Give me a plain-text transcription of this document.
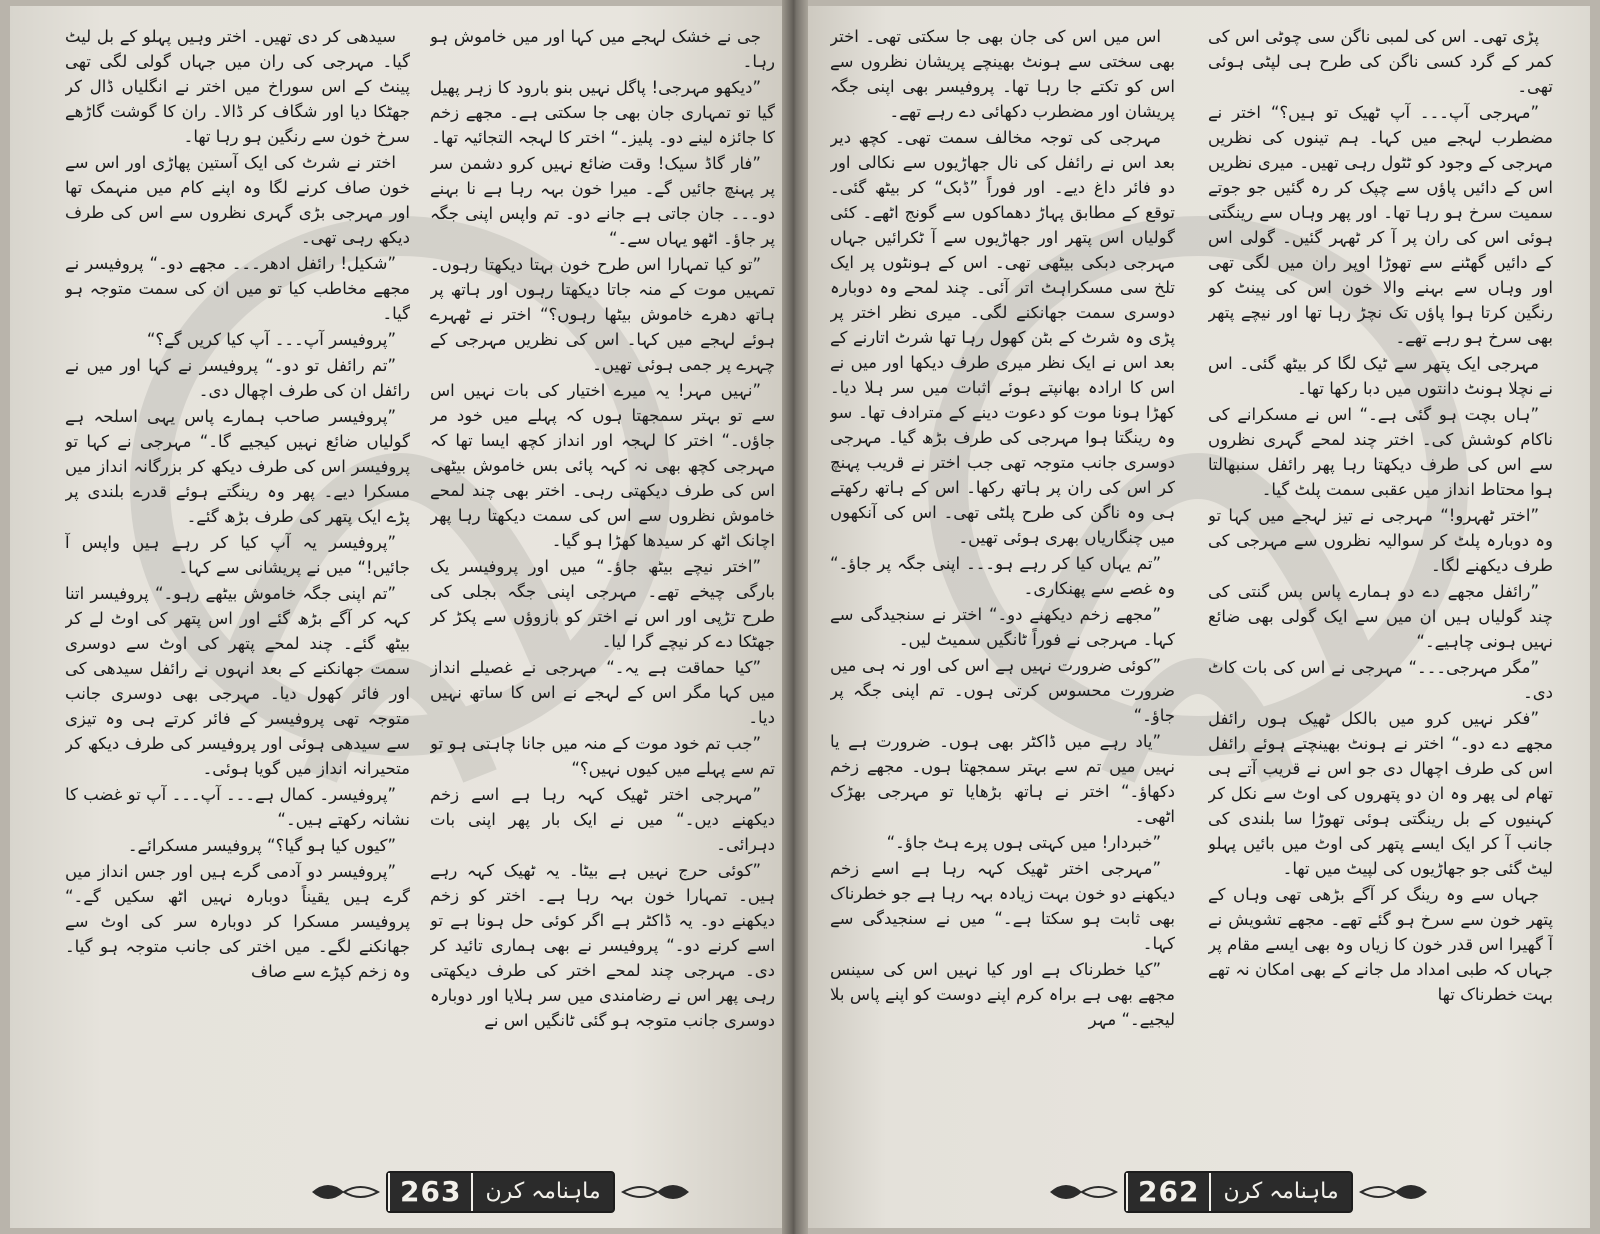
جی نے خشک لہجے میں کہا اور میں خاموش ہو رہا۔

”دیکھو مہرجی! پاگل نہیں بنو بارود کا زہر پھیل گیا تو تمہاری جان بھی جا سکتی ہے۔ مجھے زخم کا جائزہ لینے دو۔ پلیز۔“ اختر کا لہجہ التجائیہ تھا۔

”فار گاڈ سیک! وقت ضائع نہیں کرو دشمن سر پر پہنچ جائیں گے۔ میرا خون بہہ رہا ہے نا بہنے دو۔۔۔ جان جاتی ہے جانے دو۔ تم واپس اپنی جگہ پر جاؤ۔ اٹھو یہاں سے۔“

”تو کیا تمہارا اس طرح خون بہتا دیکھتا رہوں۔ تمہیں موت کے منہ جاتا دیکھتا رہوں اور ہاتھ پر ہاتھ دھرے خاموش بیٹھا رہوں؟“ اختر نے ٹھہرے ہوئے لہجے میں کہا۔ اس کی نظریں مہرجی کے چہرے پر جمی ہوئی تھیں۔

”نہیں مہر! یہ میرے اختیار کی بات نہیں اس سے تو بہتر سمجھتا ہوں کہ پہلے میں خود مر جاؤں۔“ اختر کا لہجہ اور انداز کچھ ایسا تھا کہ مہرجی کچھ بھی نہ کہہ پائی بس خاموش بیٹھی اس کی طرف دیکھتی رہی۔ اختر بھی چند لمحے خاموش نظروں سے اس کی سمت دیکھتا رہا پھر اچانک اٹھ کر سیدھا کھڑا ہو گیا۔

”اختر نیچے بیٹھ جاؤ۔“ میں اور پروفیسر یک بارگی چیخے تھے۔ مہرجی اپنی جگہ بجلی کی طرح تڑپی اور اس نے اختر کو بازوؤں سے پکڑ کر جھٹکا دے کر نیچے گرا لیا۔

”کیا حماقت ہے یہ۔“ مہرجی نے غصیلے انداز میں کہا مگر اس کے لہجے نے اس کا ساتھ نہیں دیا۔

”جب تم خود موت کے منہ میں جانا چاہتی ہو تو تم سے پہلے میں کیوں نہیں؟“

”مہرجی اختر ٹھیک کہہ رہا ہے اسے زخم دیکھنے دیں۔“ میں نے ایک بار پھر اپنی بات دہرائی۔

”کوئی حرج نہیں ہے بیٹا۔ یہ ٹھیک کہہ رہے ہیں۔ تمہارا خون بہہ رہا ہے۔ اختر کو زخم دیکھنے دو۔ یہ ڈاکٹر ہے اگر کوئی حل ہونا ہے تو اسے کرنے دو۔“ پروفیسر نے بھی ہماری تائید کر دی۔ مہرجی چند لمحے اختر کی طرف دیکھتی رہی پھر اس نے رضامندی میں سر ہلایا اور دوبارہ دوسری جانب متوجہ ہو گئی ٹانگیں اس نے

سیدھی کر دی تھیں۔ اختر وہیں پہلو کے بل لیٹ گیا۔ مہرجی کی ران میں جہاں گولی لگی تھی پینٹ کے اس سوراخ میں اختر نے انگلیاں ڈال کر جھٹکا دیا اور شگاف کر ڈالا۔ ران کا گوشت گاڑھے سرخ خون سے رنگین ہو رہا تھا۔

اختر نے شرٹ کی ایک آستین پھاڑی اور اس سے خون صاف کرنے لگا وہ اپنے کام میں منہمک تھا اور مہرجی بڑی گہری نظروں سے اس کی طرف دیکھ رہی تھی۔

”شکیل! رائفل ادھر۔۔۔ مجھے دو۔“ پروفیسر نے مجھے مخاطب کیا تو میں ان کی سمت متوجہ ہو گیا۔

”پروفیسر آپ۔۔۔ آپ کیا کریں گے؟“

”تم رائفل تو دو۔“ پروفیسر نے کہا اور میں نے رائفل ان کی طرف اچھال دی۔

”پروفیسر صاحب ہمارے پاس یہی اسلحہ ہے گولیاں ضائع نہیں کیجیے گا۔“ مہرجی نے کہا تو پروفیسر اس کی طرف دیکھ کر بزرگانہ انداز میں مسکرا دیے۔ پھر وہ رینگتے ہوئے قدرے بلندی پر پڑے ایک پتھر کی طرف بڑھ گئے۔

”پروفیسر یہ آپ کیا کر رہے ہیں واپس آ جائیں!“ میں نے پریشانی سے کہا۔

”تم اپنی جگہ خاموش بیٹھے رہو۔“ پروفیسر اتنا کہہ کر آگے بڑھ گئے اور اس پتھر کی اوٹ لے کر بیٹھ گئے۔ چند لمحے پتھر کی اوٹ سے دوسری سمت جھانکنے کے بعد انہوں نے رائفل سیدھی کی اور فائر کھول دیا۔ مہرجی بھی دوسری جانب متوجہ تھی پروفیسر کے فائر کرتے ہی وہ تیزی سے سیدھی ہوئی اور پروفیسر کی طرف دیکھ کر متحیرانہ انداز میں گویا ہوئی۔

”پروفیسر۔ کمال ہے۔۔۔ آپ۔۔۔ آپ تو غضب کا نشانہ رکھتے ہیں۔“

”کیوں کیا ہو گیا؟“ پروفیسر مسکرائے۔

”پروفیسر دو آدمی گرے ہیں اور جس انداز میں گرے ہیں یقیناً دوبارہ نہیں اٹھ سکیں گے۔“ پروفیسر مسکرا کر دوبارہ سر کی اوٹ سے جھانکنے لگے۔ میں اختر کی جانب متوجہ ہو گیا۔ وہ زخم کپڑے سے صاف

263	ماہنامہ کرن

پڑی تھی۔ اس کی لمبی ناگن سی چوٹی اس کی کمر کے گرد کسی ناگن کی طرح ہی لپٹی ہوئی تھی۔

”مہرجی آپ۔۔۔ آپ ٹھیک تو ہیں؟“ اختر نے مضطرب لہجے میں کہا۔ ہم تینوں کی نظریں مہرجی کے وجود کو ٹٹول رہی تھیں۔ میری نظریں اس کے دائیں پاؤں سے چپک کر رہ گئیں جو جوتے سمیت سرخ ہو رہا تھا۔ اور پھر وہاں سے رینگتی ہوئی اس کی ران پر آ کر ٹھہر گئیں۔ گولی اس کے دائیں گھٹنے سے تھوڑا اوپر ران میں لگی تھی اور وہاں سے بہنے والا خون اس کی پینٹ کو رنگین کرتا ہوا پاؤں تک نچڑ رہا تھا اور نیچے پتھر بھی سرخ ہو رہے تھے۔

مہرجی ایک پتھر سے ٹیک لگا کر بیٹھ گئی۔ اس نے نچلا ہونٹ دانتوں میں دبا رکھا تھا۔

”ہاں بچت ہو گئی ہے۔“ اس نے مسکرانے کی ناکام کوشش کی۔ اختر چند لمحے گہری نظروں سے اس کی طرف دیکھتا رہا پھر رائفل سنبھالتا ہوا محتاط انداز میں عقبی سمت پلٹ گیا۔

”اختر ٹھہرو!“ مہرجی نے تیز لہجے میں کہا تو وہ دوبارہ پلٹ کر سوالیہ نظروں سے مہرجی کی طرف دیکھنے لگا۔

”رائفل مجھے دے دو ہمارے پاس بس گنتی کی چند گولیاں ہیں ان میں سے ایک گولی بھی ضائع نہیں ہونی چاہیے۔“

”مگر مہرجی۔۔۔“ مہرجی نے اس کی بات کاٹ دی۔

”فکر نہیں کرو میں بالکل ٹھیک ہوں رائفل مجھے دے دو۔“ اختر نے ہونٹ بھینچتے ہوئے رائفل اس کی طرف اچھال دی جو اس نے قریب آتے ہی تھام لی پھر وہ ان دو پتھروں کی اوٹ سے نکل کر کہنیوں کے بل رینگتی ہوئی تھوڑا سا بلندی کی جانب آ کر ایک ایسے پتھر کی اوٹ میں بائیں پہلو لیٹ گئی جو جھاڑیوں کی لپیٹ میں تھا۔

جہاں سے وہ رینگ کر آگے بڑھی تھی وہاں کے پتھر خون سے سرخ ہو گئے تھے۔ مجھے تشویش نے آ گھیرا اس قدر خون کا زیاں وہ بھی ایسے مقام پر جہاں کہ طبی امداد مل جانے کے بھی امکان نہ تھے بہت خطرناک تھا

اس میں اس کی جان بھی جا سکتی تھی۔ اختر بھی سختی سے ہونٹ بھینچے پریشان نظروں سے اس کو تکتے جا رہا تھا۔ پروفیسر بھی اپنی جگہ پریشان اور مضطرب دکھائی دے رہے تھے۔

مہرجی کی توجہ مخالف سمت تھی۔ کچھ دیر بعد اس نے رائفل کی نال جھاڑیوں سے نکالی اور دو فائر داغ دیے۔ اور فوراً ”ڈبک“ کر بیٹھ گئی۔ توقع کے مطابق پہاڑ دھماکوں سے گونج اٹھے۔ کئی گولیاں اس پتھر اور جھاڑیوں سے آ ٹکرائیں جہاں مہرجی دبکی بیٹھی تھی۔ اس کے ہونٹوں پر ایک تلخ سی مسکراہٹ اتر آئی۔ چند لمحے وہ دوبارہ دوسری سمت جھانکنے لگی۔ میری نظر اختر پر پڑی وہ شرٹ کے بٹن کھول رہا تھا شرٹ اتارنے کے بعد اس نے ایک نظر میری طرف دیکھا اور میں نے اس کا ارادہ بھانپتے ہوئے اثبات میں سر ہلا دیا۔ کھڑا ہونا موت کو دعوت دینے کے مترادف تھا۔ سو وہ رینگتا ہوا مہرجی کی طرف بڑھ گیا۔ مہرجی دوسری جانب متوجہ تھی جب اختر نے قریب پہنچ کر اس کی ران پر ہاتھ رکھا۔ اس کے ہاتھ رکھتے ہی وہ ناگن کی طرح پلٹی تھی۔ اس کی آنکھوں میں چنگاریاں بھری ہوئی تھیں۔

”تم یہاں کیا کر رہے ہو۔۔۔ اپنی جگہ پر جاؤ۔“ وہ غصے سے پھنکاری۔

”مجھے زخم دیکھنے دو۔“ اختر نے سنجیدگی سے کہا۔ مہرجی نے فوراً ٹانگیں سمیٹ لیں۔

”کوئی ضرورت نہیں ہے اس کی اور نہ ہی میں ضرورت محسوس کرتی ہوں۔ تم اپنی جگہ پر جاؤ۔“

”یاد رہے میں ڈاکٹر بھی ہوں۔ ضرورت ہے یا نہیں میں تم سے بہتر سمجھتا ہوں۔ مجھے زخم دکھاؤ۔“ اختر نے ہاتھ بڑھایا تو مہرجی بھڑک اٹھی۔

”خبردار! میں کہتی ہوں پرے ہٹ جاؤ۔“

”مہرجی اختر ٹھیک کہہ رہا ہے اسے زخم دیکھنے دو خون بہت زیادہ بہہ رہا ہے جو خطرناک بھی ثابت ہو سکتا ہے۔“ میں نے سنجیدگی سے کہا۔

”کیا خطرناک ہے اور کیا نہیں اس کی سینس مجھے بھی ہے براہ کرم اپنے دوست کو اپنے پاس بلا لیجیے۔“ مہر

262	ماہنامہ کرن
